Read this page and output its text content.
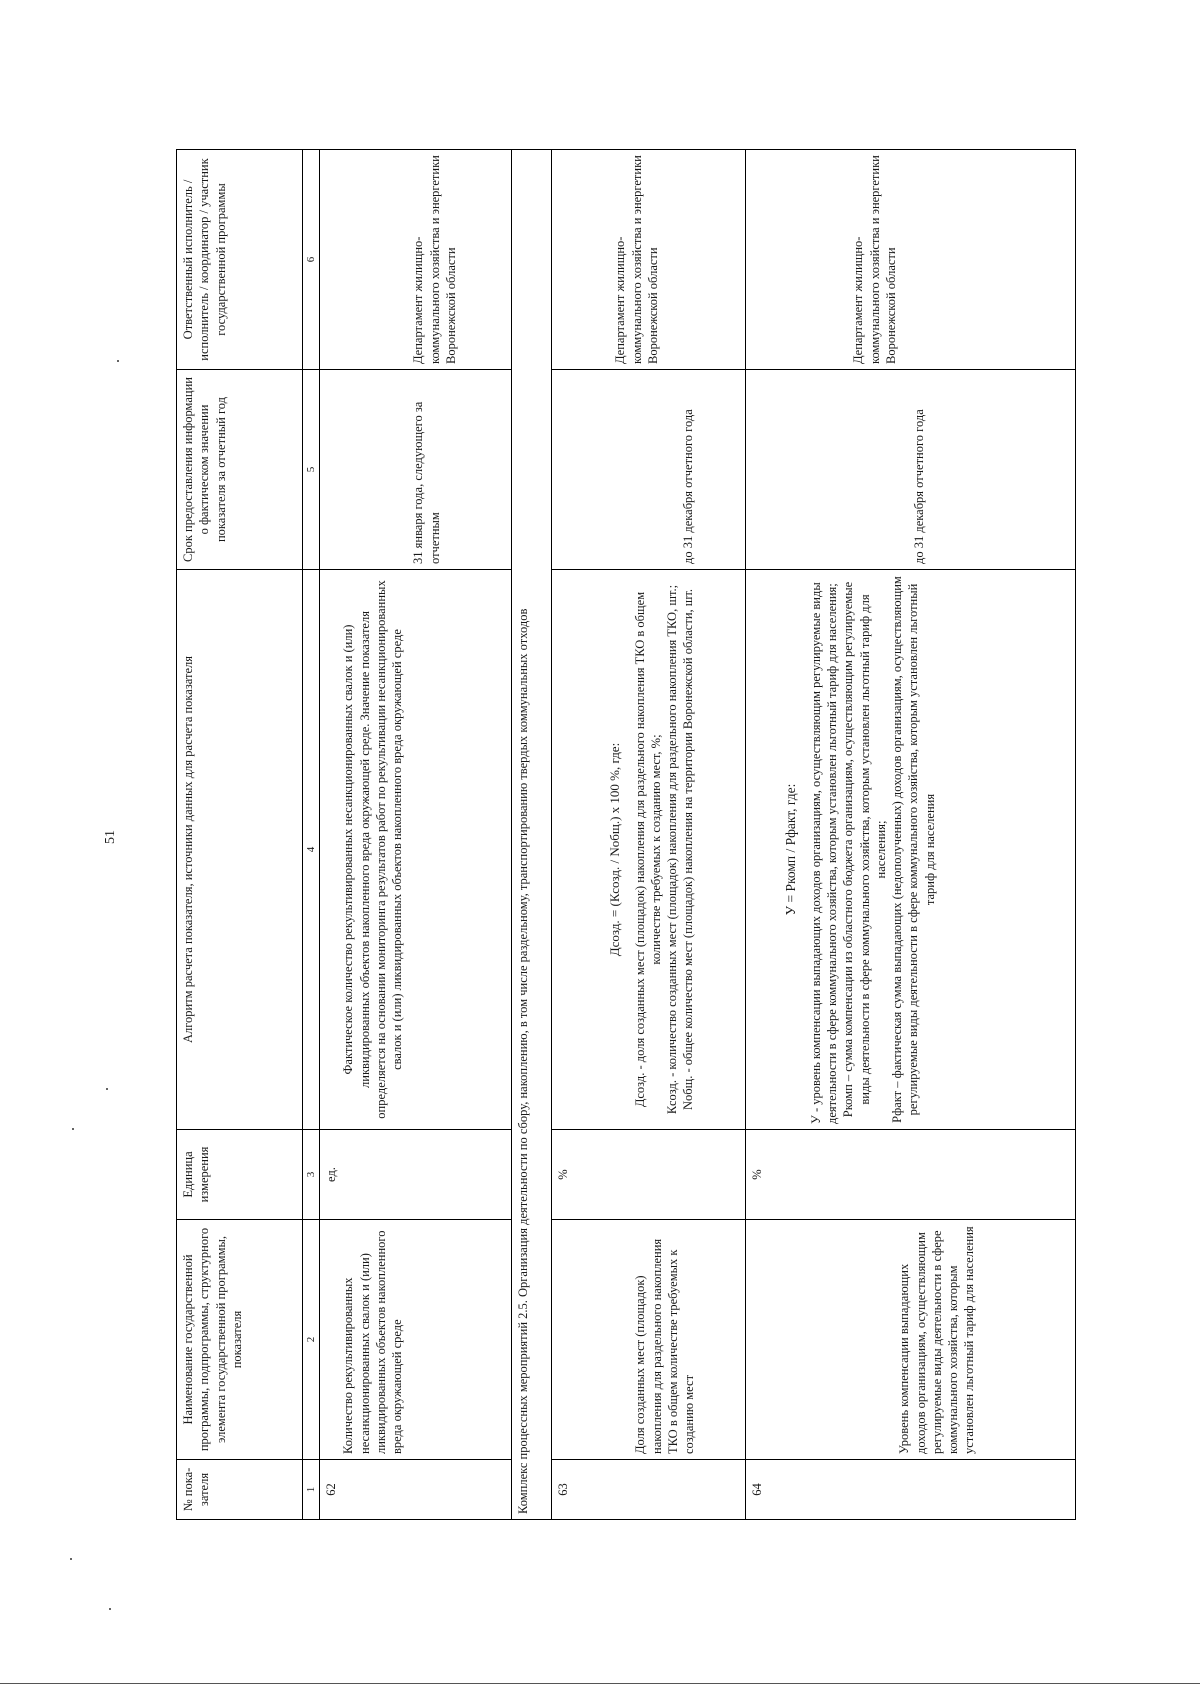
51
№ пока-зателя	Наименование государственной программы, подпрограммы, структурного элемента государственной программы, показателя	Единица измерения	Алгоритм расчета показателя, источники данных для расчета показателя	Срок предоставления информации о фактическом значении показателя за отчетный год	Ответственный исполнитель / исполнитель / координатор / участник государственной программы
1	2	3	4	5	6
62	Количество рекультивированных несанкционированных свалок и (или) ликвидированных объектов накопленного вреда окружающей среде	ед.	Фактическое количество рекультивированных несанкционированных свалок и (или) ликвидированных объектов накопленного вреда окружающей среде. Значение показателя определяется на основании мониторинга результатов работ по рекультивации несанкционированных свалок и (или) ликвидированных объектов накопленного вреда окружающей среде	31 января года, следующего за отчетным	Департамент жилищно-коммунального хозяйства и энергетики Воронежской области
Комплекс процессных мероприятий 2.5. Организация деятельности по сбору, накоплению, в том числе раздельному, транспортированию твердых коммунальных отходов					
63	Доля созданных мест (площадок) накопления для раздельного накопления ТКО в общем количестве требуемых к созданию мест	%	Дсозд. = (Ксозд. / Nобщ.) x 100 %, где: Дсозд. - доля созданных мест (площадок) накопления для раздельного накопления ТКО в общем количестве требуемых к созданию мест, %; Ксозд. - количество созданных мест (площадок) накопления для раздельного накопления ТКО, шт.; Nобщ. - общее количество мест (площадок) накопления на территории Воронежской области, шт.	до 31 декабря отчетного года	Департамент жилищно-коммунального хозяйства и энергетики Воронежской области
64	Уровень компенсации выпадающих доходов организациям, осуществляющим регулируемые виды деятельности в сфере коммунального хозяйства, которым установлен льготный тариф для населения	%	У = Ркомп / Рфакт, где: У - уровень компенсации выпадающих доходов организациям, осуществляющим регулируемые виды деятельности в сфере коммунального хозяйства, которым установлен льготный тариф для населения; Ркомп – сумма компенсации из областного бюджета организациям, осуществляющим регулируемые виды деятельности в сфере коммунального хозяйства, которым установлен льготный тариф для населения; Рфакт – фактическая сумма выпадающих (недополученных) доходов организациям, осуществляющим регулируемые виды деятельности в сфере коммунального хозяйства, которым установлен льготный тариф для населения	до 31 декабря отчетного года	Департамент жилищно-коммунального хозяйства и энергетики Воронежской области
